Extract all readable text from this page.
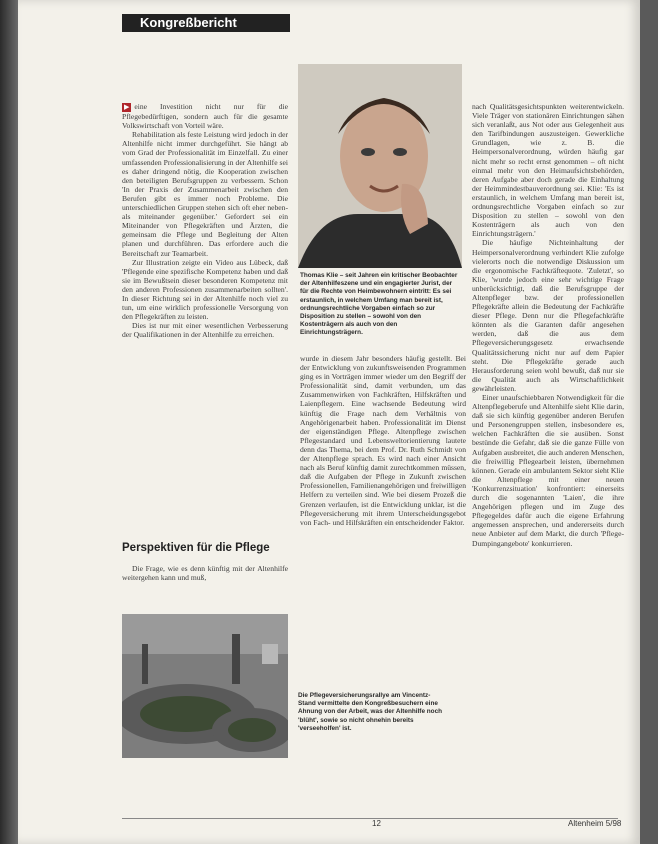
Kongreßbericht

▶ eine Investition nicht nur für die Pflegebedürftigen, sondern auch für die gesamte Volkswirtschaft von Vorteil wäre.

Rehabilitation als feste Leistung wird jedoch in der Altenhilfe nicht immer durchgeführt. Sie hängt ab vom Grad der Professionalität im Einzelfall. Zu einer umfassenden Professionalisierung in der Altenhilfe sei es daher dringend nötig, die Kooperation zwischen den beteiligten Berufsgruppen zu verbessern. Schon 'In der Praxis der Zusammenarbeit zwischen den Berufen gibt es immer noch Probleme. Die unterschiedlichen Gruppen stehen sich oft eher neben- als miteinander gegenüber.' Gefordert sei ein Miteinander von Pflegekräften und Ärzten, die gemeinsam die Pflege und Begleitung der Alten planen und durchführen. Das erfordere auch die Bereitschaft zur Teamarbeit.

Zur Illustration zeigte ein Video aus Lübeck, daß 'Pflegende eine spezifische Kompetenz haben und daß sie im Bewußtsein dieser besonderen Kompetenz mit den anderen Professionen zusammenarbeiten sollten'. In dieser Richtung sei in der Altenhilfe noch viel zu tun, um eine wirklich professionelle Versorgung von den Pflegekräften zu leisten.

Dies ist nur mit einer wesentlichen Verbesserung der Qualifikationen in der Altenhilfe zu erreichen.

Perspektiven für die Pflege

Die Frage, wie es denn künftig mit der Altenhilfe weitergehen kann und muß,

Thomas Klie – seit Jahren ein kritischer Beobachter der Altenhilfeszene und ein engagierter Jurist, der für die Rechte von Heimbewohnern eintritt: Es sei erstaunlich, in welchem Umfang man bereit ist, ordnungsrechtliche Vorgaben einfach so zur Disposition zu stellen – sowohl von den Kostenträgern als auch von den Einrichtungsträgern.

wurde in diesem Jahr besonders häufig gestellt. Bei der Entwicklung von zukunftsweisenden Programmen ging es in Vorträgen immer wieder um den Begriff der Professionalität sind, damit verbunden, um das Zusammenwirken von Fachkräften, Hilfskräften und Laienpflegern. Eine wachsende Bedeutung wird künftig die Frage nach dem Verhältnis von Angehörigenarbeit haben. Professionalität im Dienst der eigenständigen Pflege. Altenpflege zwischen Pflegestandard und Lebensweltorientierung lautete denn das Thema, bei dem Prof. Dr. Ruth Schmidt von der Altenpflege sprach. Es wird nach einer Ansicht nach als Beruf künftig damit zurechtkommen müssen, daß die Aufgaben der Pflege in Zukunft zwischen Professionellen, Familienangehörigen und freiwilligen Helfern zu verteilen sind. Wie bei diesem Prozeß die Grenzen verlaufen, ist die Entwicklung unklar, ist die Pflegeversicherung mit ihrem Unterscheidungsgebot von Fach- und Hilfskräften ein entscheidender Faktor.

nach Qualitätsgesichtspunkten weiterentwickeln. Viele Träger von stationären Einrichtungen sähen sich veranlaßt, aus Not oder aus Gelegenheit aus den Tarifbindungen auszusteigen. Gewerkliche Grundlagen, wie z. B. die Heimpersonalverordnung, würden häufig gar nicht mehr so recht ernst genommen – oft nicht einmal mehr von den Heimaufsichtsbehörden, deren Aufgabe aber doch gerade die Einhaltung der Heimmindestbauverordnung sei. Klie: 'Es ist erstaunlich, in welchem Umfang man bereit ist, ordnungsrechtliche Vorgaben einfach so zur Disposition zu stellen – sowohl von den Kostenträgern als auch von den Einrichtungsträgern.'

Die häufige Nichteinhaltung der Heimpersonalverordnung verhindert Klie zufolge vielerorts noch die notwendige Diskussion um die ergonomische Fachkräftequote. 'Zuletzt', so Klie, 'wurde jedoch eine sehr wichtige Frage unberücksichtigt, daß die Berufsgruppe der Altenpfleger bzw. der professionellen Pflegekräfte allein die Bedeutung der Fachkräfte dieser Pflege. Denn nur die Pflegefachkräfte könnten als die Garanten dafür angesehen werden, daß die aus dem Pflegeversicherungsgesetz erwachsende Qualitätssicherung nicht nur auf dem Papier steht. Die Pflegekräfte gerade auch Herausforderung seien wohl bewußt, daß nur sie die Qualität auch als Wirtschaftlichkeit gewährleisten.

Einer unaufschiebbaren Notwendigkeit für die Altenpflegeberufe und Altenhilfe sieht Klie darin, daß sie sich künftig gegenüber anderen Berufen und Personengruppen stellen, insbesondere es, welchen Fachkräften die sie ausüben. Sonst bestünde die Gefahr, daß sie die ganze Fülle von Aufgaben ausbreitet, die auch anderen Menschen, die freiwillig Pflegearbeit leisten, übernehmen können. Gerade ein ambulantem Sektor sieht Klie die Altenpflege mit einer neuen 'Konkurrenzsituation' konfrontiert: einerseits durch die sogenannten 'Laien', die ihre Angehörigen pflegen und im Zuge des Pflegegeldes dafür auch die eigene Erfahrung angemessen ansprechen, und andererseits durch neue Anbieter auf dem Markt, die durch 'Pflege-Dumpingangebote' konkurrieren.

Die Pflegeversicherungsrallye am Vincentz-Stand vermittelte den Kongreßbesuchern eine Ahnung von der Arbeit, was der Altenhilfe noch 'blüht', sowie so nicht ohnehin bereits 'verseeholfen' ist.
12	Altenheim 5/98
